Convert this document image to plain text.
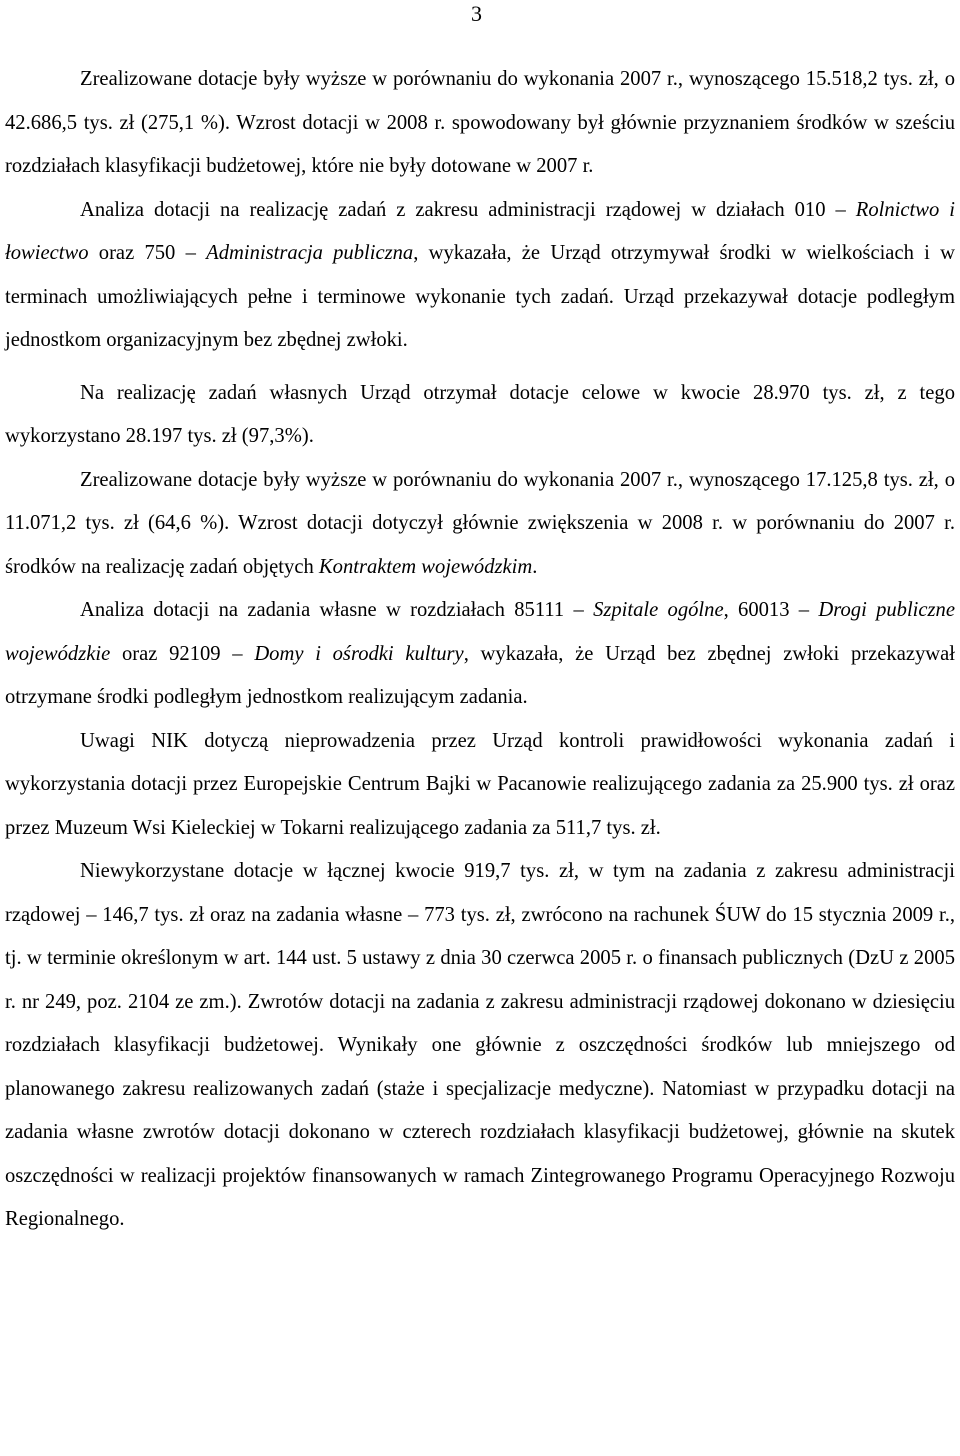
3

Zrealizowane dotacje były wyższe w porównaniu do wykonania 2007 r., wynoszącego 15.518,2 tys. zł, o 42.686,5 tys. zł (275,1 %). Wzrost dotacji w 2008 r. spowodowany był głównie przyznaniem środków w sześciu rozdziałach klasyfikacji budżetowej, które nie były dotowane w 2007 r.

Analiza dotacji na realizację zadań z zakresu administracji rządowej w działach 010 – Rolnictwo i łowiectwo oraz 750 – Administracja publiczna, wykazała, że Urząd otrzymywał środki w wielkościach i w terminach umożliwiających pełne i terminowe wykonanie tych zadań. Urząd przekazywał dotacje podległym jednostkom organizacyjnym bez zbędnej zwłoki.

Na realizację zadań własnych Urząd otrzymał dotacje celowe w kwocie 28.970 tys. zł, z tego wykorzystano 28.197 tys. zł (97,3%).

Zrealizowane dotacje były wyższe w porównaniu do wykonania 2007 r., wynoszącego 17.125,8 tys. zł, o 11.071,2 tys. zł (64,6 %). Wzrost dotacji dotyczył głównie zwiększenia w 2008 r. w porównaniu do 2007 r. środków na realizację zadań objętych Kontraktem wojewódzkim.

Analiza dotacji na zadania własne w rozdziałach 85111 – Szpitale ogólne, 60013 – Drogi publiczne wojewódzkie oraz 92109 – Domy i ośrodki kultury, wykazała, że Urząd bez zbędnej zwłoki przekazywał otrzymane środki podległym jednostkom realizującym zadania.

Uwagi NIK dotyczą nieprowadzenia przez Urząd kontroli prawidłowości wykonania zadań i wykorzystania dotacji przez Europejskie Centrum Bajki w Pacanowie realizującego zadania za 25.900 tys. zł oraz przez Muzeum Wsi Kieleckiej w Tokarni realizującego zadania za 511,7 tys. zł.

Niewykorzystane dotacje w łącznej kwocie 919,7 tys. zł, w tym na zadania z zakresu administracji rządowej – 146,7 tys. zł oraz na zadania własne – 773 tys. zł, zwrócono na rachunek ŚUW do 15 stycznia 2009 r., tj. w terminie określonym w art. 144 ust. 5 ustawy z dnia 30 czerwca 2005 r. o finansach publicznych (DzU z 2005 r. nr 249, poz. 2104 ze zm.). Zwrotów dotacji na zadania z zakresu administracji rządowej dokonano w dziesięciu rozdziałach klasyfikacji budżetowej. Wynikały one głównie z oszczędności środków lub mniejszego od planowanego zakresu realizowanych zadań (staże i specjalizacje medyczne). Natomiast w przypadku dotacji na zadania własne zwrotów dotacji dokonano w czterech rozdziałach klasyfikacji budżetowej, głównie na skutek oszczędności w realizacji projektów finansowanych w ramach Zintegrowanego Programu Operacyjnego Rozwoju Regionalnego.
